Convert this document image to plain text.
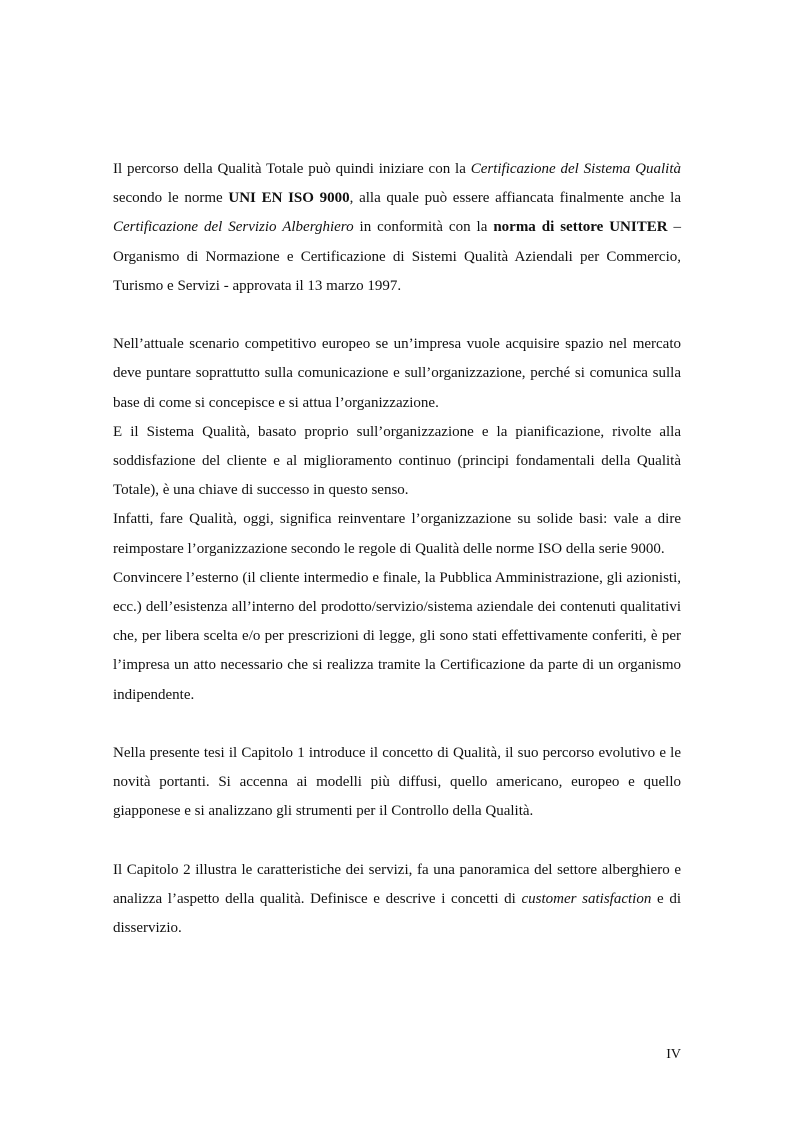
Il percorso della Qualità Totale può quindi iniziare con la Certificazione del Sistema Qualità secondo le norme UNI EN ISO 9000, alla quale può essere affiancata finalmente anche la Certificazione del Servizio Alberghiero in conformità con la norma di settore UNITER – Organismo di Normazione e Certificazione di Sistemi Qualità Aziendali per Commercio, Turismo e Servizi - approvata il 13 marzo 1997.

Nell’attuale scenario competitivo europeo se un’impresa vuole acquisire spazio nel mercato deve puntare soprattutto sulla comunicazione e sull’organizzazione, perché si comunica sulla base di come si concepisce e si attua l’organizzazione.

E il Sistema Qualità, basato proprio sull’organizzazione e la pianificazione, rivolte alla soddisfazione del cliente e al miglioramento continuo (principi fondamentali della Qualità Totale), è una chiave di successo in questo senso.

Infatti, fare Qualità, oggi, significa reinventare l’organizzazione su solide basi: vale a dire reimpostare l’organizzazione secondo le regole di Qualità delle norme ISO della serie 9000.

Convincere l’esterno (il cliente intermedio e finale, la Pubblica Amministrazione, gli azionisti, ecc.) dell’esistenza all’interno del prodotto/servizio/sistema aziendale dei contenuti qualitativi che, per libera scelta e/o per prescrizioni di legge, gli sono stati effettivamente conferiti, è per l’impresa un atto necessario che si realizza tramite la Certificazione da parte di un organismo indipendente.

Nella presente tesi il Capitolo 1 introduce il concetto di Qualità, il suo percorso evolutivo e le novità portanti. Si accenna ai modelli più diffusi, quello americano, europeo e quello giapponese e si analizzano gli strumenti per il Controllo della Qualità.

Il Capitolo 2 illustra le caratteristiche dei servizi, fa una panoramica del settore alberghiero e analizza l’aspetto della qualità. Definisce e descrive i concetti di customer satisfaction e di disservizio.

IV
